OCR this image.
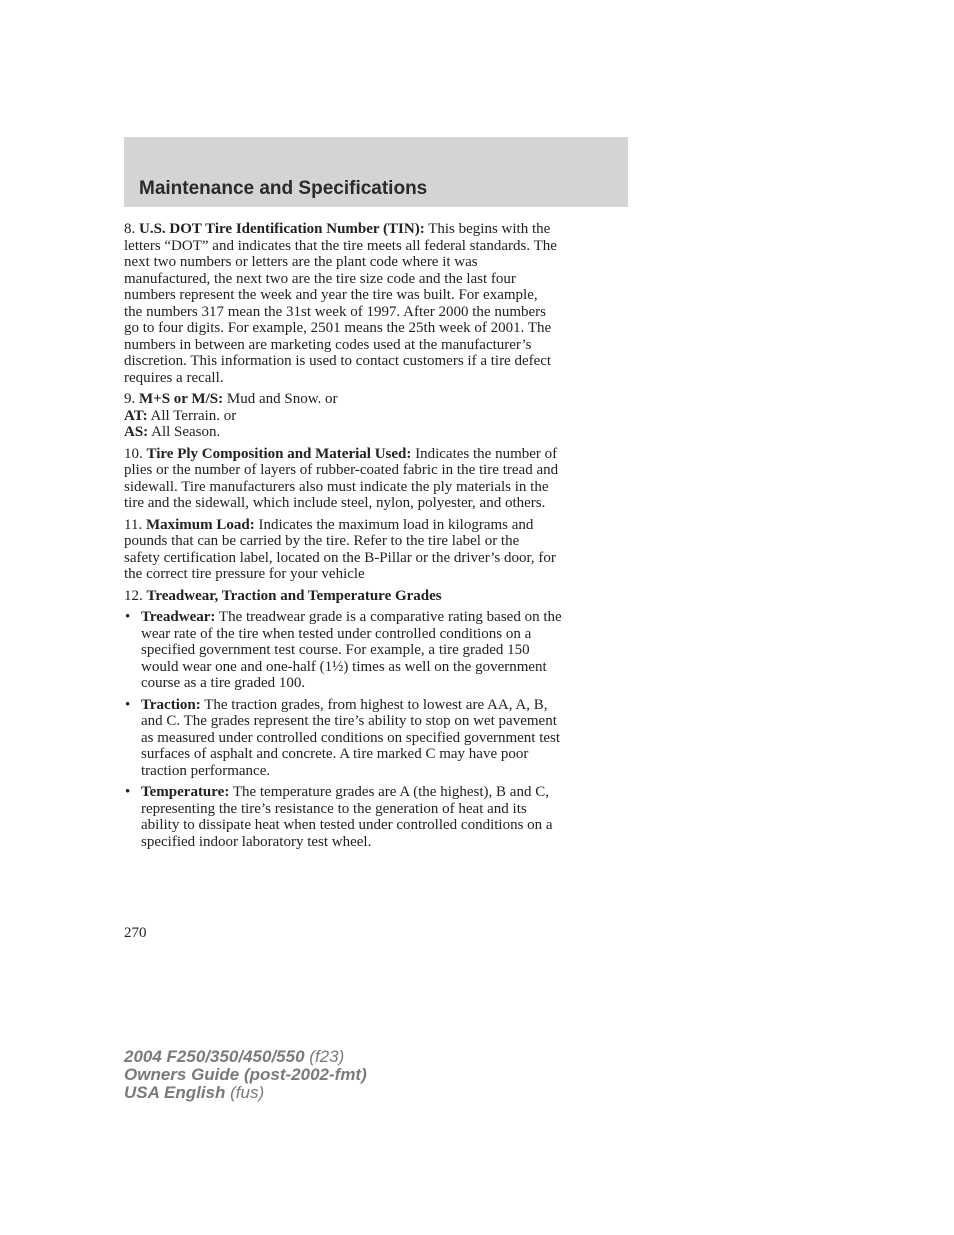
Maintenance and Specifications
8. U.S. DOT Tire Identification Number (TIN): This begins with the
letters “DOT” and indicates that the tire meets all federal standards. The
next two numbers or letters are the plant code where it was
manufactured, the next two are the tire size code and the last four
numbers represent the week and year the tire was built. For example,
the numbers 317 mean the 31st week of 1997. After 2000 the numbers
go to four digits. For example, 2501 means the 25th week of 2001. The
numbers in between are marketing codes used at the manufacturer’s
discretion. This information is used to contact customers if a tire defect
requires a recall.
9. M+S or M/S: Mud and Snow. or
AT: All Terrain. or
AS: All Season.
10. Tire Ply Composition and Material Used: Indicates the number of
plies or the number of layers of rubber-coated fabric in the tire tread and
sidewall. Tire manufacturers also must indicate the ply materials in the
tire and the sidewall, which include steel, nylon, polyester, and others.
11. Maximum Load: Indicates the maximum load in kilograms and
pounds that can be carried by the tire. Refer to the tire label or the
safety certification label, located on the B-Pillar or the driver’s door, for
the correct tire pressure for your vehicle
12. Treadwear, Traction and Temperature Grades
• Treadwear: The treadwear grade is a comparative rating based on the
wear rate of the tire when tested under controlled conditions on a
specified government test course. For example, a tire graded 150
would wear one and one-half (1½) times as well on the government
course as a tire graded 100.
• Traction: The traction grades, from highest to lowest are AA, A, B,
and C. The grades represent the tire’s ability to stop on wet pavement
as measured under controlled conditions on specified government test
surfaces of asphalt and concrete. A tire marked C may have poor
traction performance.
• Temperature: The temperature grades are A (the highest), B and C,
representing the tire’s resistance to the generation of heat and its
ability to dissipate heat when tested under controlled conditions on a
specified indoor laboratory test wheel.
270
2004 F250/350/450/550 (f23)
Owners Guide (post-2002-fmt)
USA English (fus)
